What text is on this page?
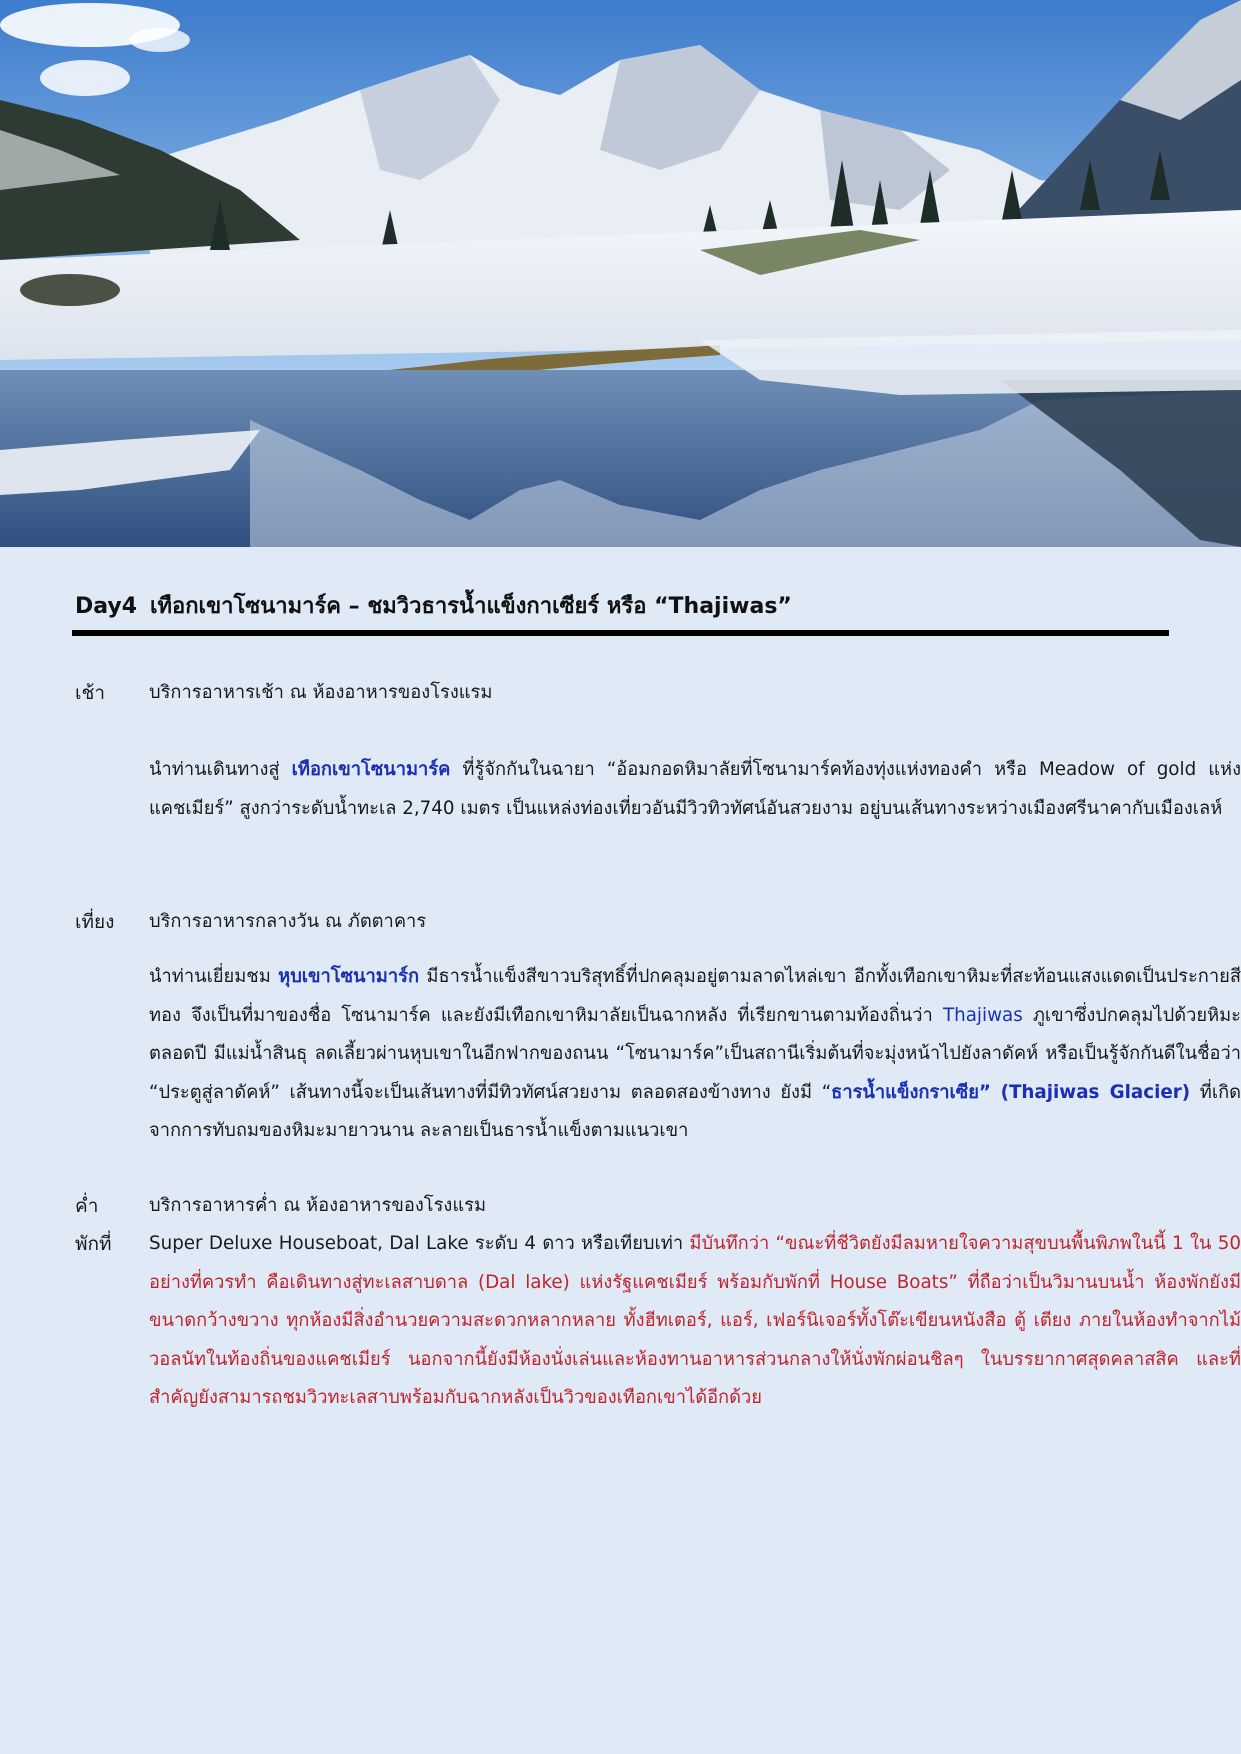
Day4 เทือกเขาโซนามาร์ค – ชมวิวธารน้ำแข็งกาเซียร์ หรือ “Thajiwas”
เช้า	บริการอาหารเช้า ณ ห้องอาหารของโรงแรม
นำท่านเดินทางสู่ เทือกเขาโซนามาร์ค ที่รู้จักกันในฉายา “อ้อมกอดหิมาลัยที่โซนามาร์คท้องทุ่งแห่งทองคำ หรือ Meadow of gold แห่งแคชเมียร์” สูงกว่าระดับน้ำทะเล 2,740 เมตร เป็นแหล่งท่องเที่ยวอันมีวิวทิวทัศน์อันสวยงาม อยู่บนเส้นทางระหว่างเมืองศรีนาคากับเมืองเลห์
เที่ยง	บริการอาหารกลางวัน ณ ภัตตาคาร
นำท่านเยี่ยมชม หุบเขาโซนามาร์ก มีธารน้ำแข็งสีขาวบริสุทธิ์ที่ปกคลุมอยู่ตามลาดไหล่เขา อีกทั้งเทือกเขาหิมะที่สะท้อนแสงแดดเป็นประกายสีทอง จึงเป็นที่มาของชื่อ โซนามาร์ค และยังมีเทือกเขาหิมาลัยเป็นฉากหลัง ที่เรียกขานตามท้องถิ่นว่า Thajiwas ภูเขาซึ่งปกคลุมไปด้วยหิมะตลอดปี มีแม่น้ำสินธุ ลดเลี้ยวผ่านหุบเขาในอีกฟากของถนน “โซนามาร์ค”เป็นสถานีเริ่มต้นที่จะมุ่งหน้าไปยังลาดัคห์ หรือเป็นรู้จักกันดีในชื่อว่า “ประตูสู่ลาดัคห์” เส้นทางนี้จะเป็นเส้นทางที่มีทิวทัศน์สวยงาม ตลอดสองข้างทาง ยังมี “ธารน้ำแข็งกราเซีย” (Thajiwas Glacier) ที่เกิดจากการทับถมของหิมะมายาวนาน ละลายเป็นธารน้ำแข็งตามแนวเขา
ค่ำ	บริการอาหารค่ำ ณ ห้องอาหารของโรงแรม
พักที่	Super Deluxe Houseboat, Dal Lake ระดับ 4 ดาว หรือเทียบเท่า มีบันทึกว่า “ขณะที่ชีวิตยังมีลมหายใจความสุขบนพื้นพิภพในนี้ 1 ใน 50 อย่างที่ควรทำ คือเดินทางสู่ทะเลสาบดาล (Dal lake) แห่งรัฐแคชเมียร์ พร้อมกับพักที่ House Boats” ที่ถือว่าเป็นวิมานบนน้ำ ห้องพักยังมีขนาดกว้างขวาง ทุกห้องมีสิ่งอำนวยความสะดวกหลากหลาย ทั้งฮีทเตอร์, แอร์, เฟอร์นิเจอร์ทั้งโต๊ะเขียนหนังสือ ตู้ เตียง ภายในห้องทำจากไม้วอลนัทในท้องถิ่นของแคชเมียร์ นอกจากนี้ยังมีห้องนั่งเล่นและห้องทานอาหารส่วนกลางให้นั่งพักผ่อนชิลๆ ในบรรยากาศสุดคลาสสิค และที่สำคัญยังสามารถชมวิวทะเลสาบพร้อมกับฉากหลังเป็นวิวของเทือกเขาได้อีกด้วย
